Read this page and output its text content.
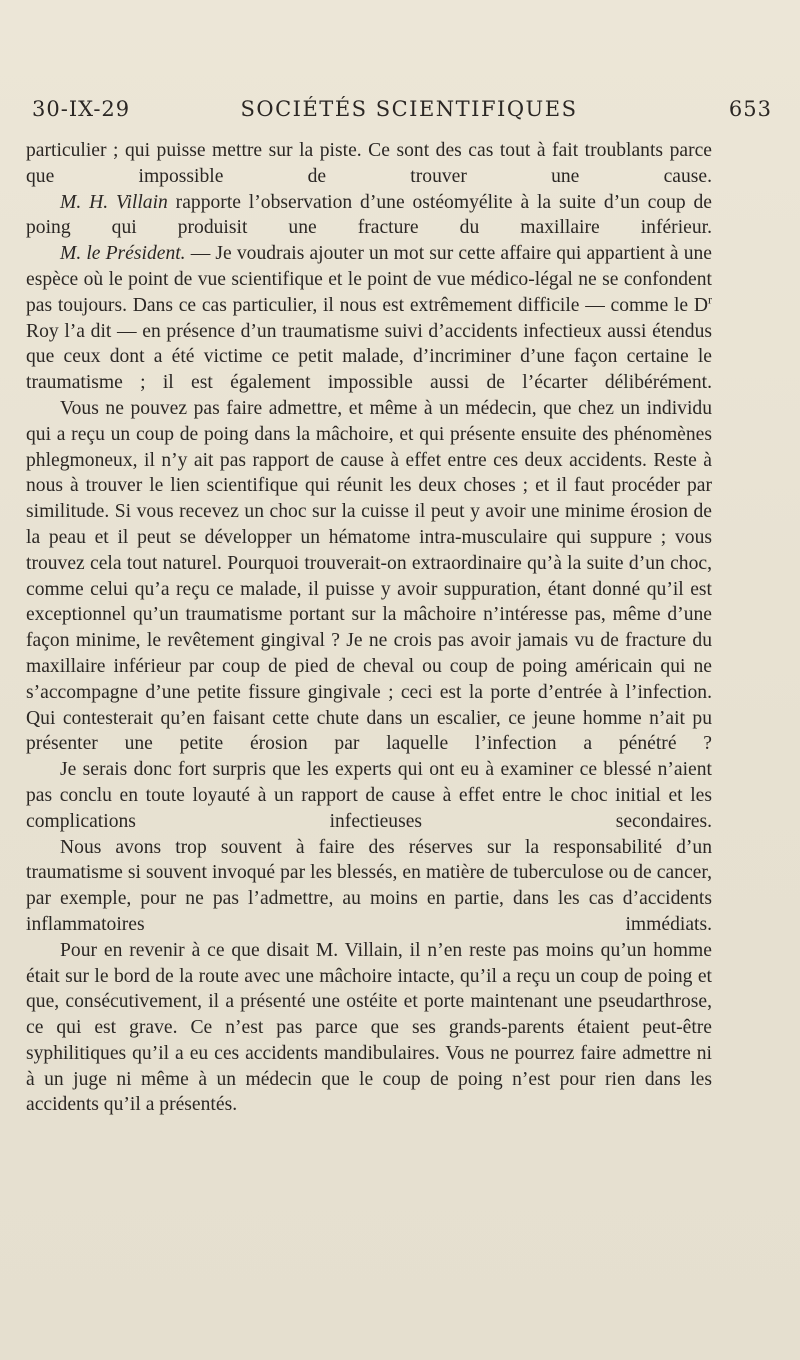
30-IX-29	SOCIÉTÉS SCIENTIFIQUES	653

particulier ; qui puisse mettre sur la piste. Ce sont des cas tout à fait troublants parce que impossible de trouver une cause.

M. H. Villain rapporte l’observation d’une ostéomyélite à la suite d’un coup de poing qui produisit une fracture du maxillaire inférieur.

M. le Président. — Je voudrais ajouter un mot sur cette affaire qui appartient à une espèce où le point de vue scientifique et le point de vue médico-légal ne se confondent pas toujours. Dans ce cas particulier, il nous est extrêmement difficile — comme le $D^r$ Roy l’a dit — en présence d’un traumatisme suivi d’accidents infectieux aussi étendus que ceux dont a été victime ce petit malade, d’incriminer d’une façon certaine le traumatisme ; il est également impossible aussi de l’écarter délibérément.

Vous ne pouvez pas faire admettre, et même à un médecin, que chez un individu qui a reçu un coup de poing dans la mâchoire, et qui présente ensuite des phénomènes phlegmoneux, il n’y ait pas rapport de cause à effet entre ces deux accidents. Reste à nous à trouver le lien scientifique qui réunit les deux choses ; et il faut procéder par similitude. Si vous recevez un choc sur la cuisse il peut y avoir une minime érosion de la peau et il peut se développer un hématome intra-musculaire qui suppure ; vous trouvez cela tout naturel. Pourquoi trouverait-on extraordinaire qu’à la suite d’un choc, comme celui qu’a reçu ce malade, il puisse y avoir suppuration, étant donné qu’il est exceptionnel qu’un traumatisme portant sur la mâchoire n’intéresse pas, même d’une façon minime, le revêtement gingival ? Je ne crois pas avoir jamais vu de fracture du maxillaire inférieur par coup de pied de cheval ou coup de poing américain qui ne s’accompagne d’une petite fissure gingivale ; ceci est la porte d’entrée à l’infection. Qui contesterait qu’en faisant cette chute dans un escalier, ce jeune homme n’ait pu présenter une petite érosion par laquelle l’infection a pénétré ?

Je serais donc fort surpris que les experts qui ont eu à examiner ce blessé n’aient pas conclu en toute loyauté à un rapport de cause à effet entre le choc initial et les complications infectieuses secondaires.

Nous avons trop souvent à faire des réserves sur la responsabilité d’un traumatisme si souvent invoqué par les blessés, en matière de tuberculose ou de cancer, par exemple, pour ne pas l’admettre, au moins en partie, dans les cas d’accidents inflammatoires immédiats.

Pour en revenir à ce que disait M. Villain, il n’en reste pas moins qu’un homme était sur le bord de la route avec une mâchoire intacte, qu’il a reçu un coup de poing et que, consécutivement, il a présenté une ostéite et porte maintenant une pseudarthrose, ce qui est grave. Ce n’est pas parce que ses grands-parents étaient peut-être syphilitiques qu’il a eu ces accidents mandibulaires. Vous ne pourrez faire admettre ni à un juge ni même à un médecin que le coup de poing n’est pour rien dans les accidents qu’il a présentés.
